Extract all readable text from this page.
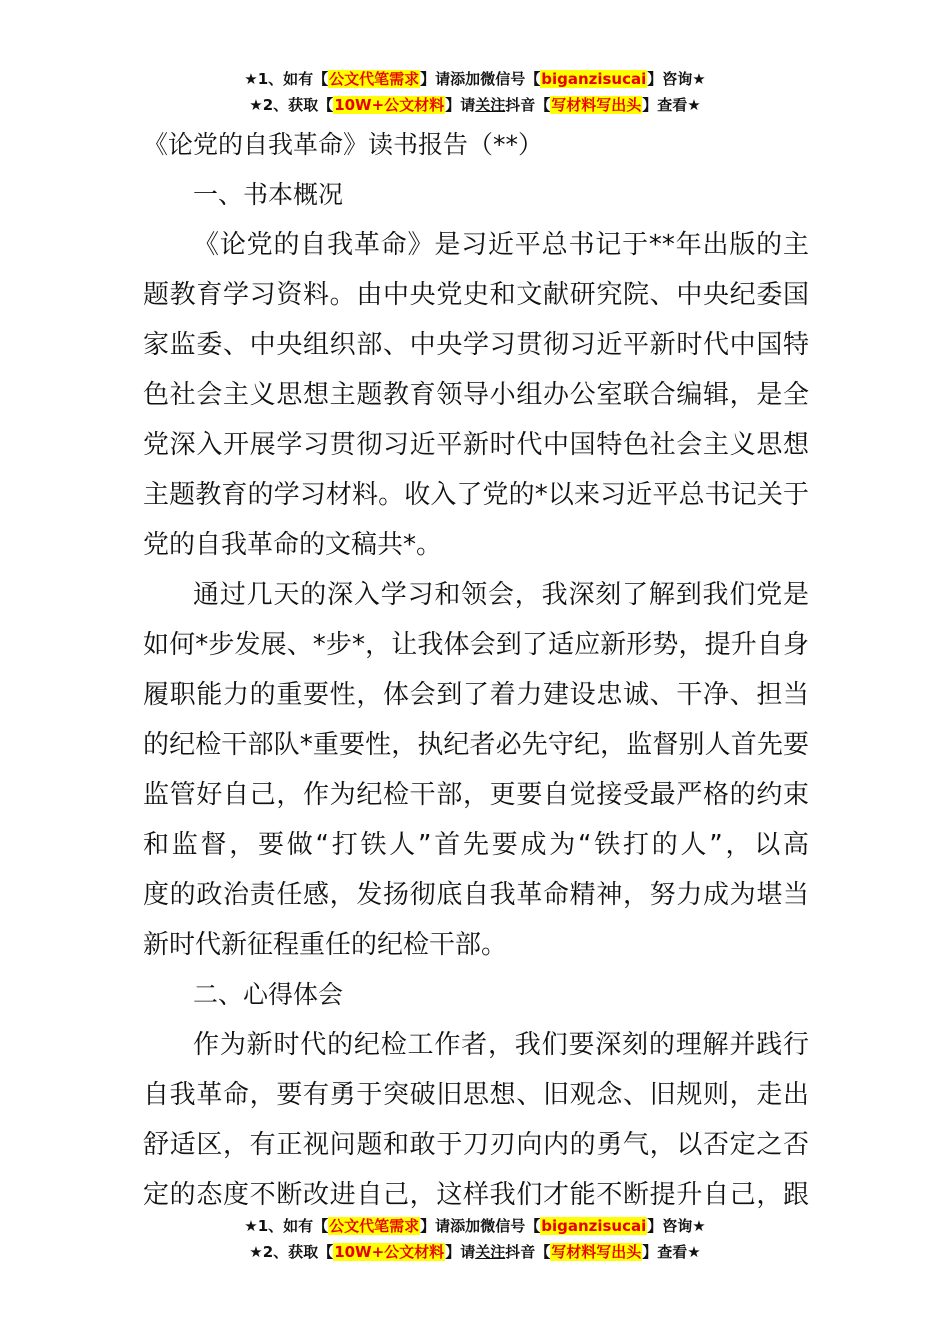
★1、如有【公文代笔需求】请添加微信号【biganzisucai】咨询★
★2、获取【10W+公文材料】请关注抖音【写材料写出头】查看★
《论党的自我革命》读书报告（**）
一、书本概况

《论党的自我革命》是习近平总书记于**年出版的主
题教育学习资料。由中央党史和文献研究院、中央纪委国
家监委、中央组织部、中央学习贯彻习近平新时代中国特
色社会主义思想主题教育领导小组办公室联合编辑，是全
党深入开展学习贯彻习近平新时代中国特色社会主义思想
主题教育的学习材料。收入了党的*以来习近平总书记关于
党的自我革命的文稿共*。

通过几天的深入学习和领会，我深刻了解到我们党是
如何*步发展、*步*，让我体会到了适应新形势，提升自身
履职能力的重要性，体会到了着力建设忠诚、干净、担当
的纪检干部队*重要性，执纪者必先守纪，监督别人首先要
监管好自己，作为纪检干部，更要自觉接受最严格的约束
和监督，要做“打铁人”首先要成为“铁打的人”，以高
度的政治责任感，发扬彻底自我革命精神，努力成为堪当
新时代新征程重任的纪检干部。

二、心得体会

作为新时代的纪检工作者，我们要深刻的理解并践行
自我革命，要有勇于突破旧思想、旧观念、旧规则，走出
舒适区，有正视问题和敢于刀刃向内的勇气，以否定之否
定的态度不断改进自己，这样我们才能不断提升自己，跟

★1、如有【公文代笔需求】请添加微信号【biganzisucai】咨询★
★2、获取【10W+公文材料】请关注抖音【写材料写出头】查看★
